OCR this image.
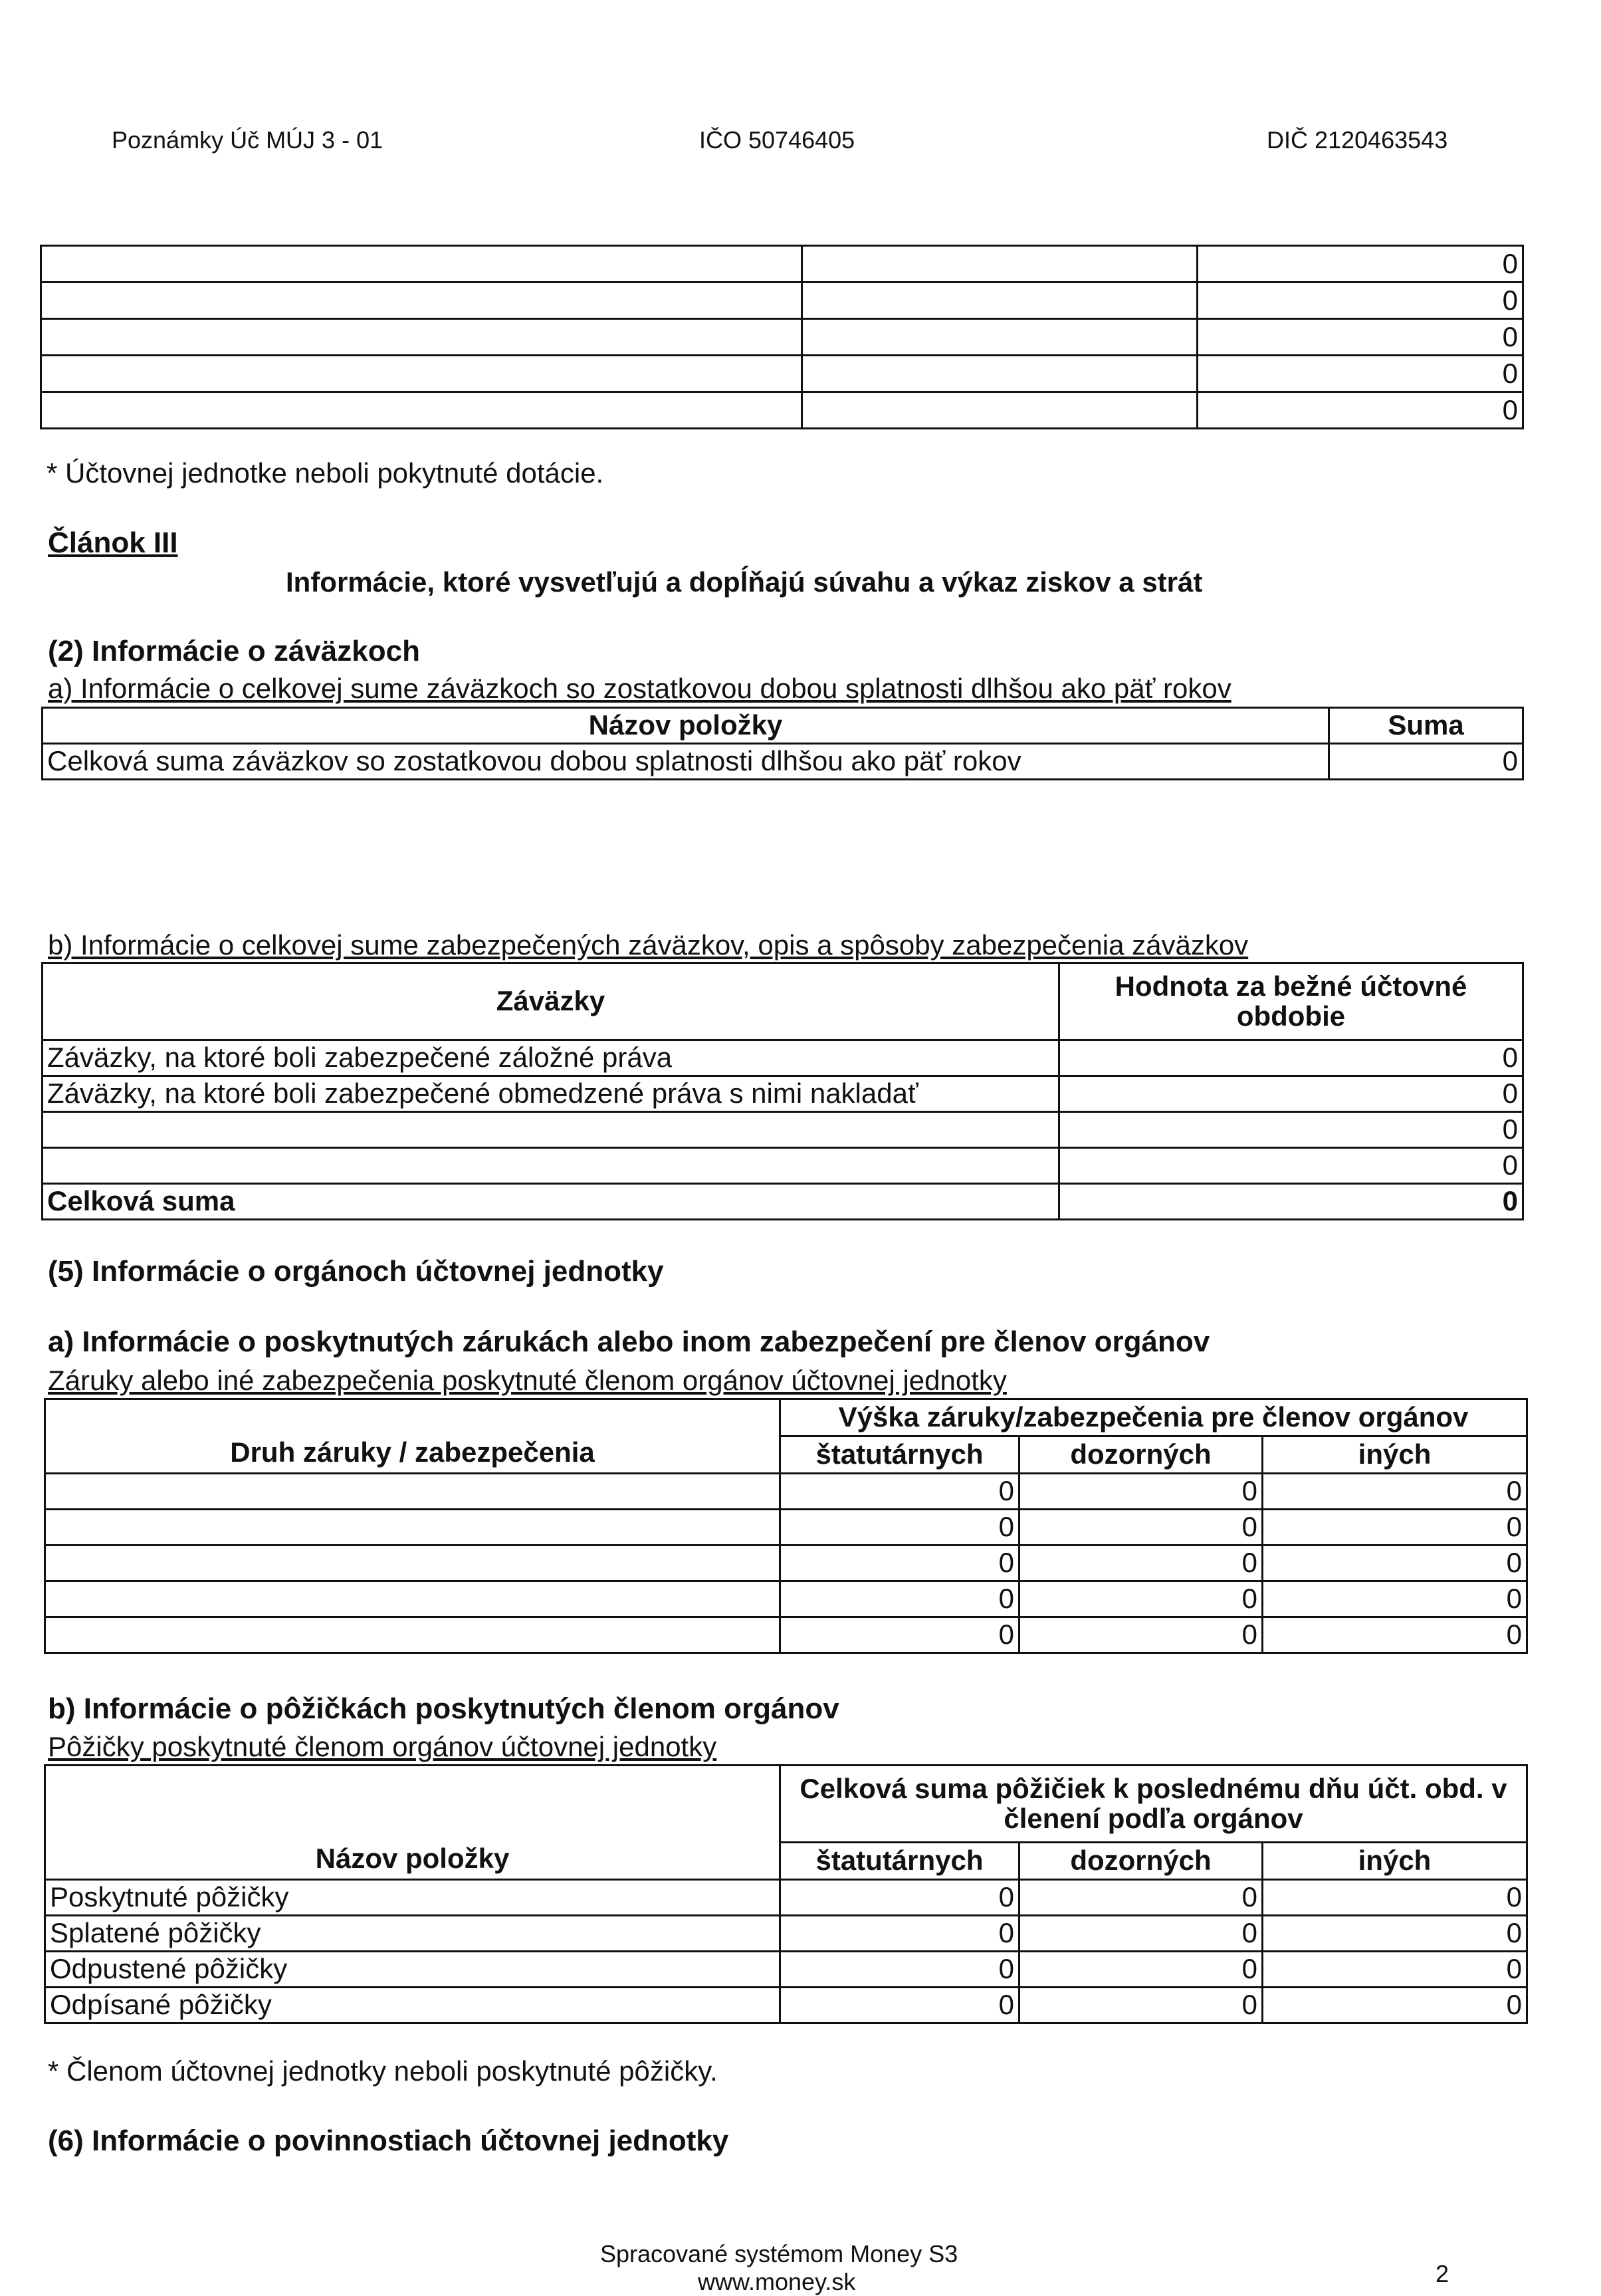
Poznámky Úč MÚJ 3 - 01	IČO 50746405	DIČ 2120463543
		0
		0
		0
		0
		0
* Účtovnej jednotke neboli pokytnuté dotácie.
Článok III
Informácie, ktoré vysvetľujú a dopĺňajú súvahu a výkaz ziskov a strát
(2) Informácie o záväzkoch
a) Informácie o celkovej sume záväzkoch so zostatkovou dobou splatnosti dlhšou ako päť rokov
Názov položky	Suma
Celková suma záväzkov so zostatkovou dobou splatnosti dlhšou ako päť rokov	0
b) Informácie o celkovej sume zabezpečených záväzkov, opis a spôsoby zabezpečenia záväzkov
Záväzky	Hodnota za bežné účtovné obdobie
Záväzky, na ktoré boli zabezpečené záložné práva	0
Záväzky, na ktoré boli zabezpečené obmedzené práva s nimi nakladať	0
	0
	0
Celková suma	0
(5) Informácie o orgánoch účtovnej jednotky
a) Informácie o poskytnutých zárukách alebo inom zabezpečení pre členov orgánov
Záruky alebo iné zabezpečenia poskytnuté členom orgánov účtovnej jednotky
Druh záruky / zabezpečenia	Výška záruky/zabezpečenia pre členov orgánov		
	štatutárnych	dozorných	iných
	0	0	0
	0	0	0
	0	0	0
	0	0	0
	0	0	0
b) Informácie o pôžičkách poskytnutých členom orgánov
Pôžičky poskytnuté členom orgánov účtovnej jednotky
Názov položky	Celková suma pôžičiek k poslednému dňu účt. obd. v členení podľa orgánov		
	štatutárnych	dozorných	iných
Poskytnuté pôžičky	0	0	0
Splatené pôžičky	0	0	0
Odpustené pôžičky	0	0	0
Odpísané pôžičky	0	0	0
* Členom účtovnej jednotky neboli poskytnuté pôžičky.
(6) Informácie o povinnostiach účtovnej jednotky
Spracované systémom Money S3
www.money.sk	2
